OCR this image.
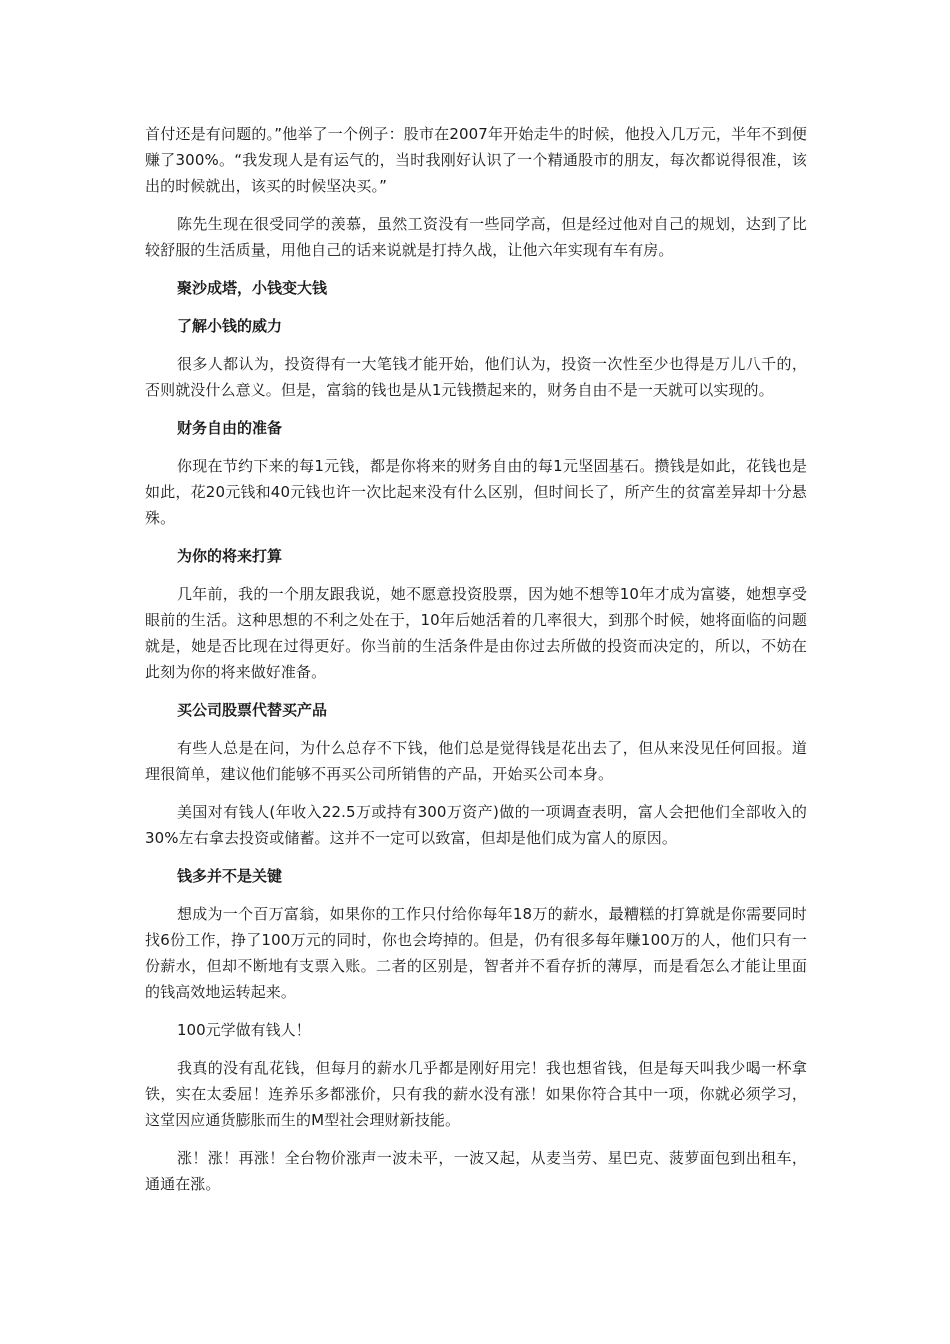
首付还是有问题的。”他举了一个例子：股市在2007年开始走牛的时候，他投入几万元，半年不到便赚了300%。“我发现人是有运气的，当时我刚好认识了一个精通股市的朋友，每次都说得很准，该出的时候就出，该买的时候坚决买。”

陈先生现在很受同学的羡慕，虽然工资没有一些同学高，但是经过他对自己的规划，达到了比较舒服的生活质量，用他自己的话来说就是打持久战，让他六年实现有车有房。

聚沙成塔，小钱变大钱

了解小钱的威力

很多人都认为，投资得有一大笔钱才能开始，他们认为，投资一次性至少也得是万儿八千的，否则就没什么意义。但是，富翁的钱也是从1元钱攒起来的，财务自由不是一天就可以实现的。

财务自由的准备

你现在节约下来的每1元钱，都是你将来的财务自由的每1元坚固基石。攒钱是如此，花钱也是如此，花20元钱和40元钱也许一次比起来没有什么区别，但时间长了，所产生的贫富差异却十分悬殊。

为你的将来打算

几年前，我的一个朋友跟我说，她不愿意投资股票，因为她不想等10年才成为富婆，她想享受眼前的生活。这种思想的不利之处在于，10年后她活着的几率很大，到那个时候，她将面临的问题就是，她是否比现在过得更好。你当前的生活条件是由你过去所做的投资而决定的，所以，不妨在此刻为你的将来做好准备。

买公司股票代替买产品

有些人总是在问，为什么总存不下钱，他们总是觉得钱是花出去了，但从来没见任何回报。道理很简单，建议他们能够不再买公司所销售的产品，开始买公司本身。

美国对有钱人(年收入22.5万或持有300万资产)做的一项调查表明，富人会把他们全部收入的30%左右拿去投资或储蓄。这并不一定可以致富，但却是他们成为富人的原因。

钱多并不是关键

想成为一个百万富翁，如果你的工作只付给你每年18万的薪水，最糟糕的打算就是你需要同时找6份工作，挣了100万元的同时，你也会垮掉的。但是，仍有很多每年赚100万的人，他们只有一份薪水，但却不断地有支票入账。二者的区别是，智者并不看存折的薄厚，而是看怎么才能让里面的钱高效地运转起来。

100元学做有钱人！

我真的没有乱花钱，但每月的薪水几乎都是刚好用完！我也想省钱，但是每天叫我少喝一杯拿铁，实在太委屈！连养乐多都涨价，只有我的薪水没有涨！如果你符合其中一项，你就必须学习，这堂因应通货膨胀而生的M型社会理财新技能。

涨！涨！再涨！全台物价涨声一波未平，一波又起，从麦当劳、星巴克、菠萝面包到出租车，通通在涨。
